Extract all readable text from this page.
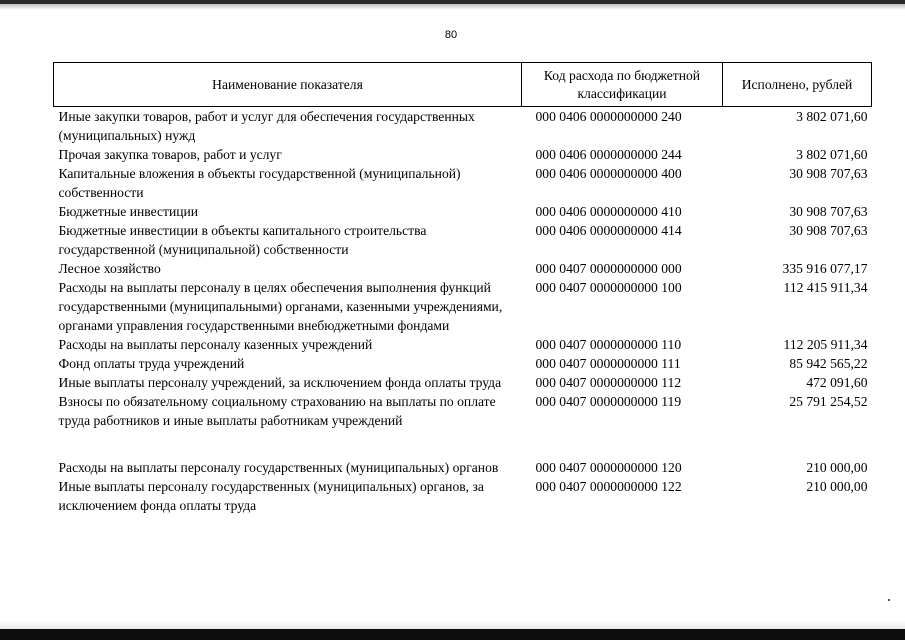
80
Наименование показателя	Код расхода по бюджетной классификации	Исполнено, рублей
Иные закупки товаров, работ и услуг для обеспечения государственных (муниципальных) нужд	000 0406 0000000000 240	3 802 071,60
Прочая закупка товаров, работ и услуг	000 0406 0000000000 244	3 802 071,60
Капитальные вложения в объекты государственной (муниципальной) собственности	000 0406 0000000000 400	30 908 707,63
Бюджетные инвестиции	000 0406 0000000000 410	30 908 707,63
Бюджетные инвестиции в объекты капитального строительства государственной (муниципальной) собственности	000 0406 0000000000 414	30 908 707,63
Лесное хозяйство	000 0407 0000000000 000	335 916 077,17
Расходы на выплаты персоналу в целях обеспечения выполнения функций государственными (муниципальными) органами, казенными учреждениями, органами управления государственными внебюджетными фондами	000 0407 0000000000 100	112 415 911,34
Расходы на выплаты персоналу казенных учреждений	000 0407 0000000000 110	112 205 911,34
Фонд оплаты труда учреждений	000 0407 0000000000 111	85 942 565,22
Иные выплаты персоналу учреждений, за исключением фонда оплаты труда	000 0407 0000000000 112	472 091,60
Взносы по обязательному социальному страхованию на выплаты по оплате труда работников и иные выплаты работникам учреждений	000 0407 0000000000 119	25 791 254,52

Расходы на выплаты персоналу государственных (муниципальных) органов	000 0407 0000000000 120	210 000,00
Иные выплаты персоналу государственных (муниципальных) органов, за исключением фонда оплаты труда	000 0407 0000000000 122	210 000,00
